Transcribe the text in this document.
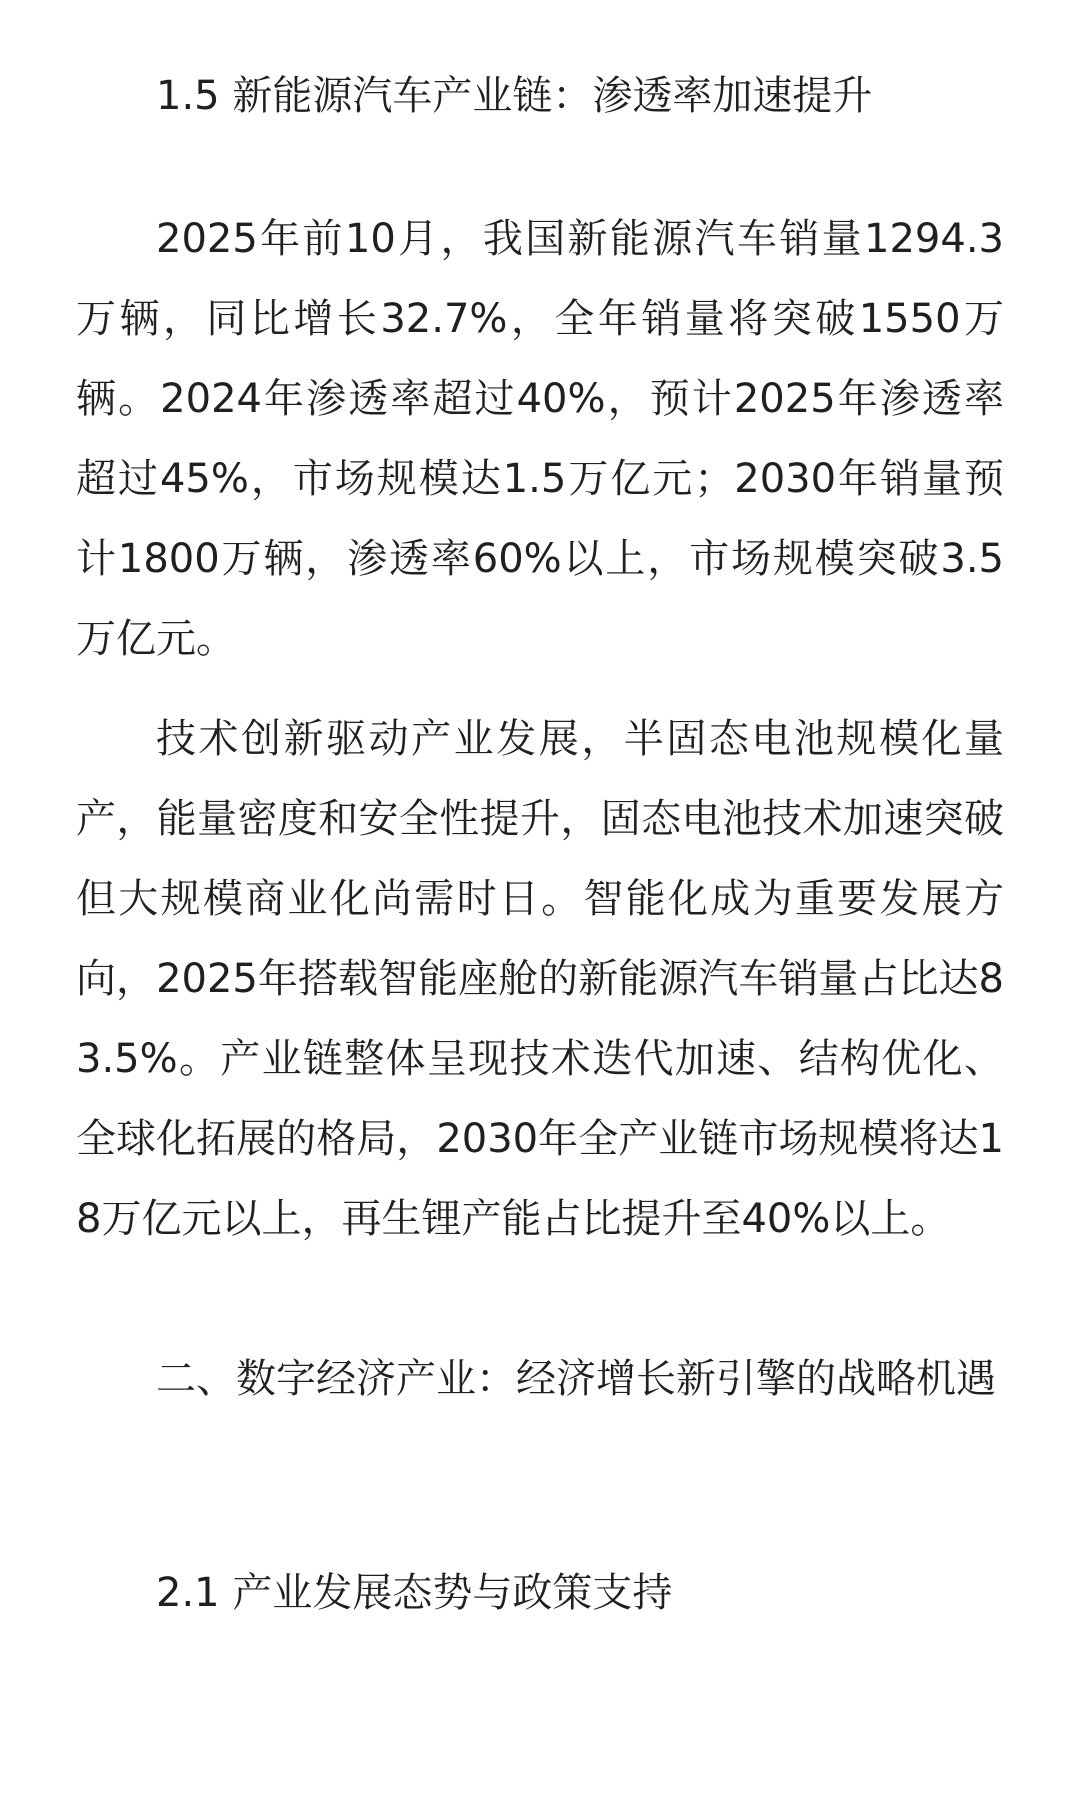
1.5 新能源汽车产业链：渗透率加速提升

2025年前10月，我国新能源汽车销量1294.3万辆，同比增长32.7%，全年销量将突破1550万辆。2024年渗透率超过40%，预计2025年渗透率超过45%，市场规模达1.5万亿元；2030年销量预计1800万辆，渗透率60%以上，市场规模突破3.5万亿元。

技术创新驱动产业发展，半固态电池规模化量产，能量密度和安全性提升，固态电池技术加速突破但大规模商业化尚需时日。智能化成为重要发展方向，2025年搭载智能座舱的新能源汽车销量占比达83.5%。产业链整体呈现技术迭代加速、结构优化、全球化拓展的格局，2030年全产业链市场规模将达18万亿元以上，再生锂产能占比提升至40%以上。

二、数字经济产业：经济增长新引擎的战略机遇

2.1 产业发展态势与政策支持
